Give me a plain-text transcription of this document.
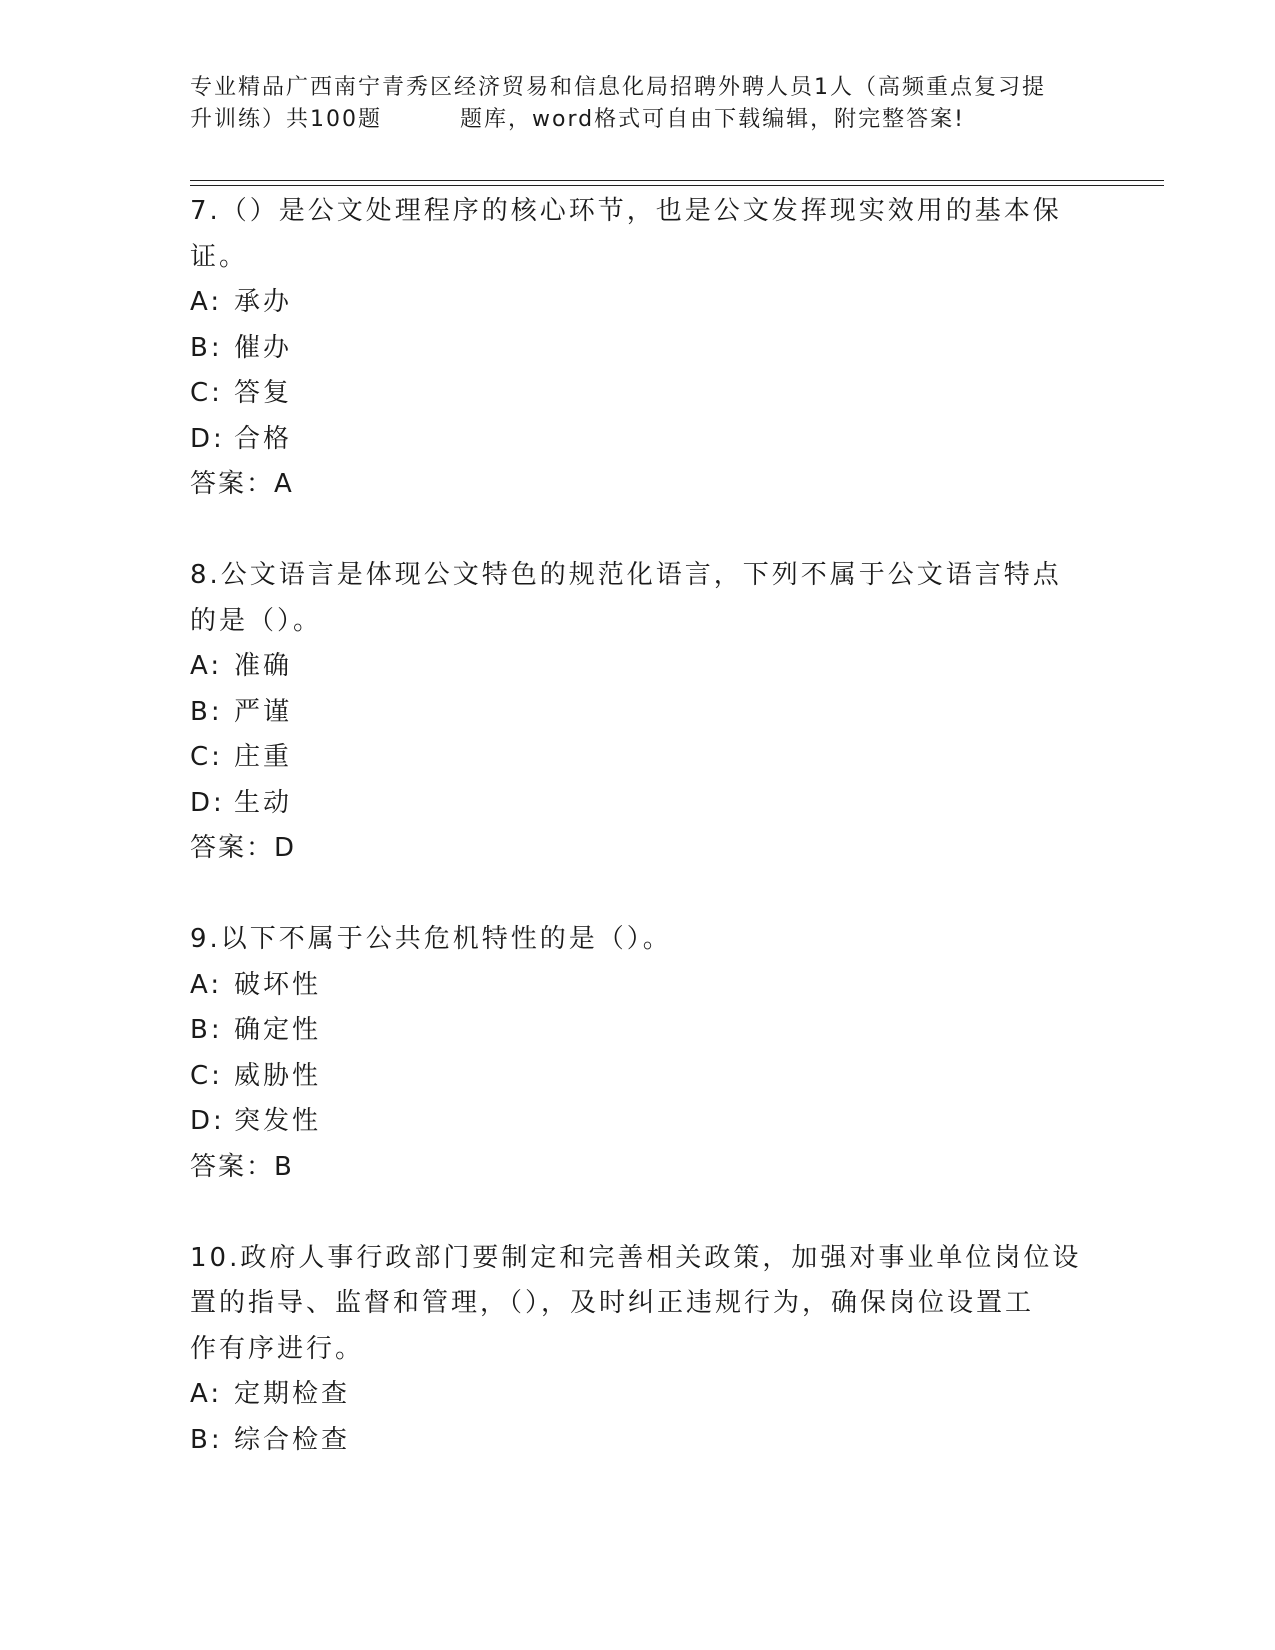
专业精品广西南宁青秀区经济贸易和信息化局招聘外聘人员1人（高频重点复习提
升训练）共100题	题库，word格式可自由下载编辑，附完整答案!
7.（）是公文处理程序的核心环节，也是公文发挥现实效用的基本保
证。
A: 承办
B: 催办
C: 答复
D: 合格
答案：A
8.公文语言是体现公文特色的规范化语言，下列不属于公文语言特点
的是（）。
A: 准确
B: 严谨
C: 庄重
D: 生动
答案：D
9.以下不属于公共危机特性的是（）。
A: 破坏性
B: 确定性
C: 威胁性
D: 突发性
答案：B
10.政府人事行政部门要制定和完善相关政策，加强对事业单位岗位设
置的指导、监督和管理，（），及时纠正违规行为，确保岗位设置工
作有序进行。
A: 定期检查
B: 综合检查
